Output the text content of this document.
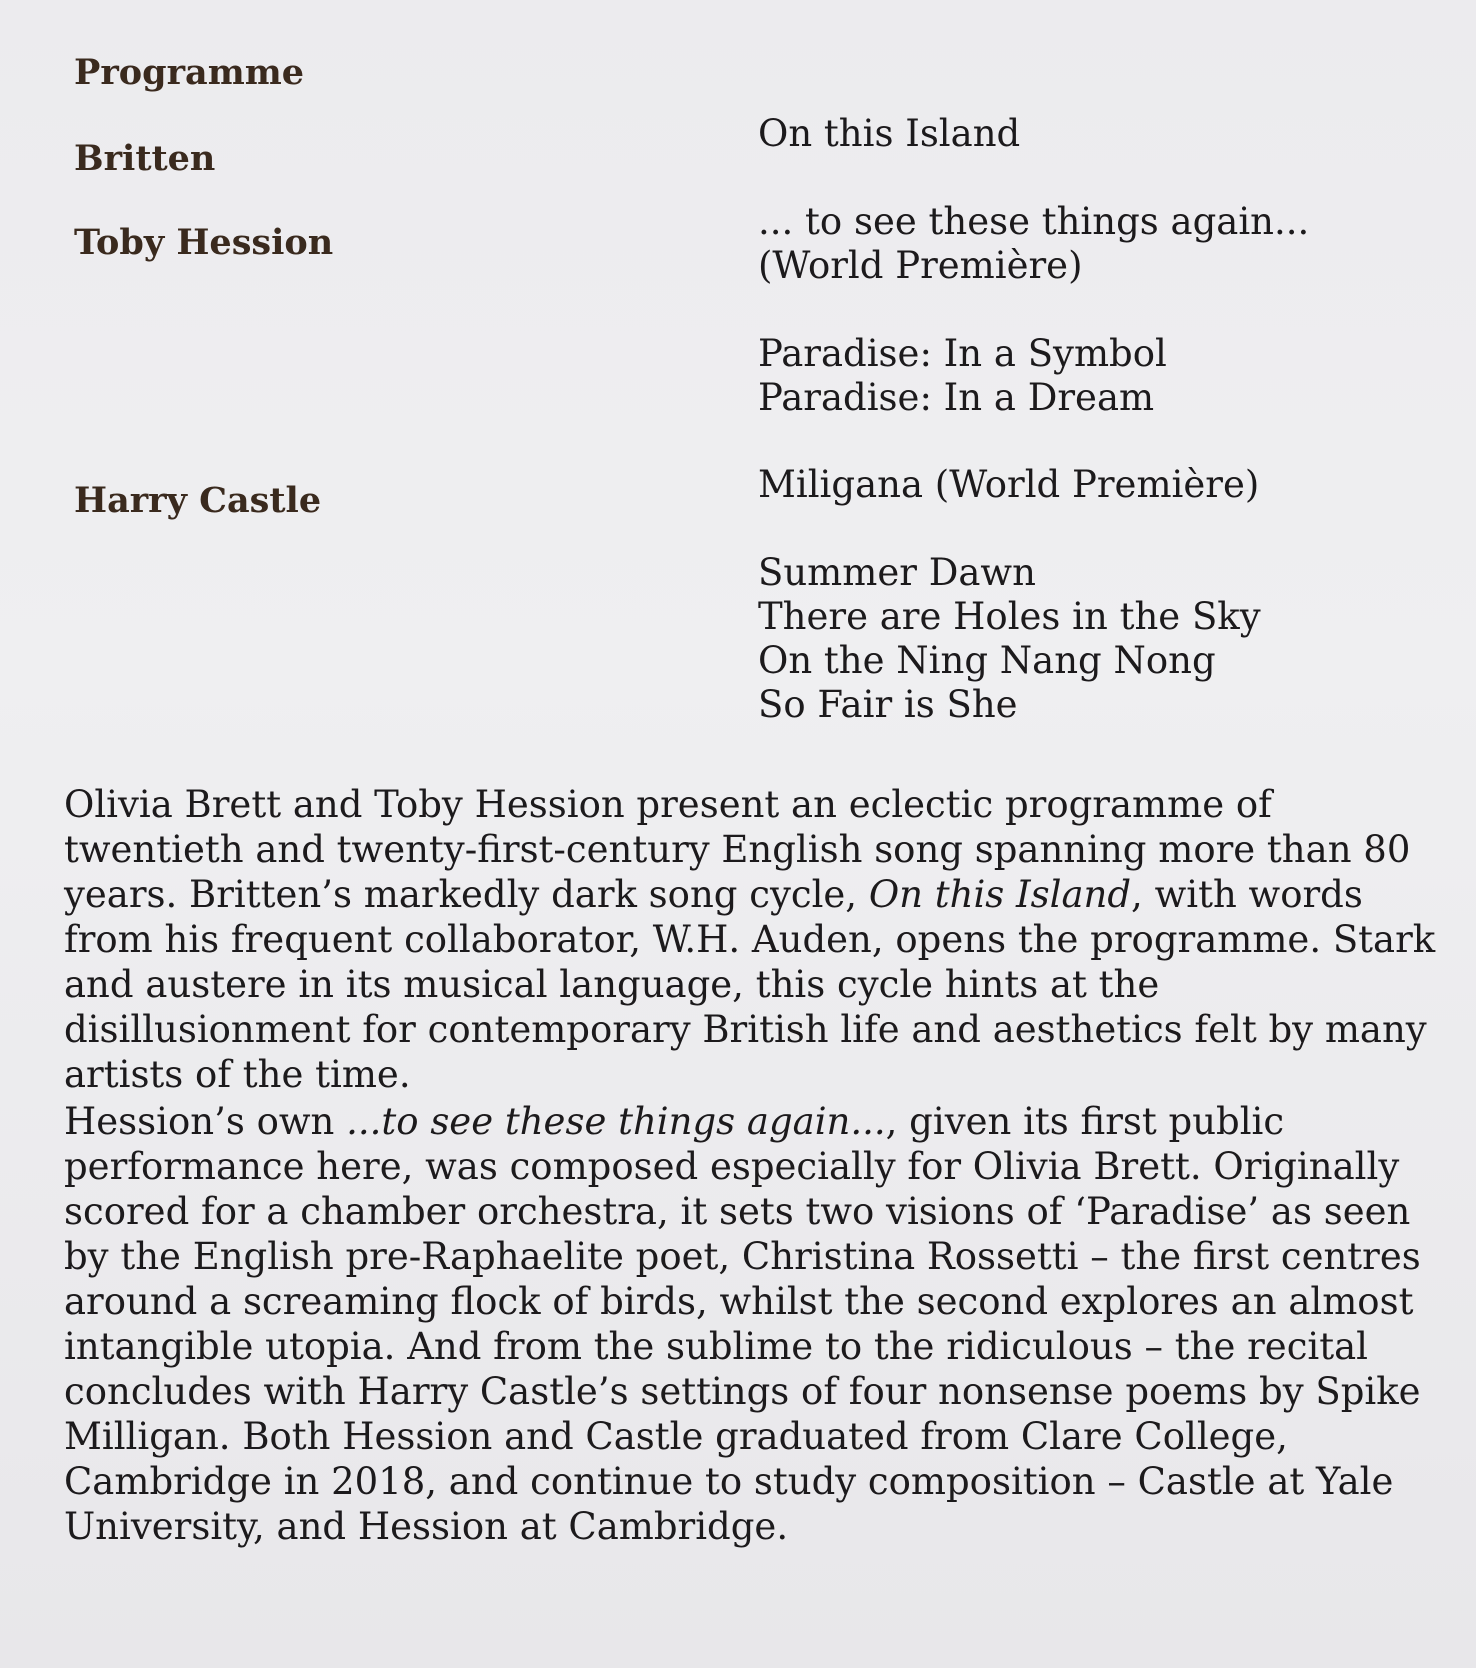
Programme
Britten
Toby Hession
Harry Castle
On this Island
... to see these things again... (World Première)
Paradise: In a Symbol
Paradise: In a Dream
Miligana (World Première)
Summer Dawn
There are Holes in the Sky
On the Ning Nang Nong
So Fair is She

Olivia Brett and Toby Hession present an eclectic programme of twentieth and twenty-first-century English song spanning more than 80 years. Britten’s markedly dark song cycle, On this Island, with words from his frequent collaborator, W.H. Auden, opens the programme. Stark and austere in its musical language, this cycle hints at the disillusionment for contemporary British life and aesthetics felt by many artists of the time.

Hession’s own ...to see these things again..., given its first public performance here, was composed especially for Olivia Brett. Originally scored for a chamber orchestra, it sets two visions of ‘Paradise’ as seen by the English pre-Raphaelite poet, Christina Rossetti – the first centres around a screaming flock of birds, whilst the second explores an almost intangible utopia. And from the sublime to the ridiculous – the recital concludes with Harry Castle’s settings of four nonsense poems by Spike Milligan. Both Hession and Castle graduated from Clare College, Cambridge in 2018, and continue to study composition – Castle at Yale University, and Hession at Cambridge.
